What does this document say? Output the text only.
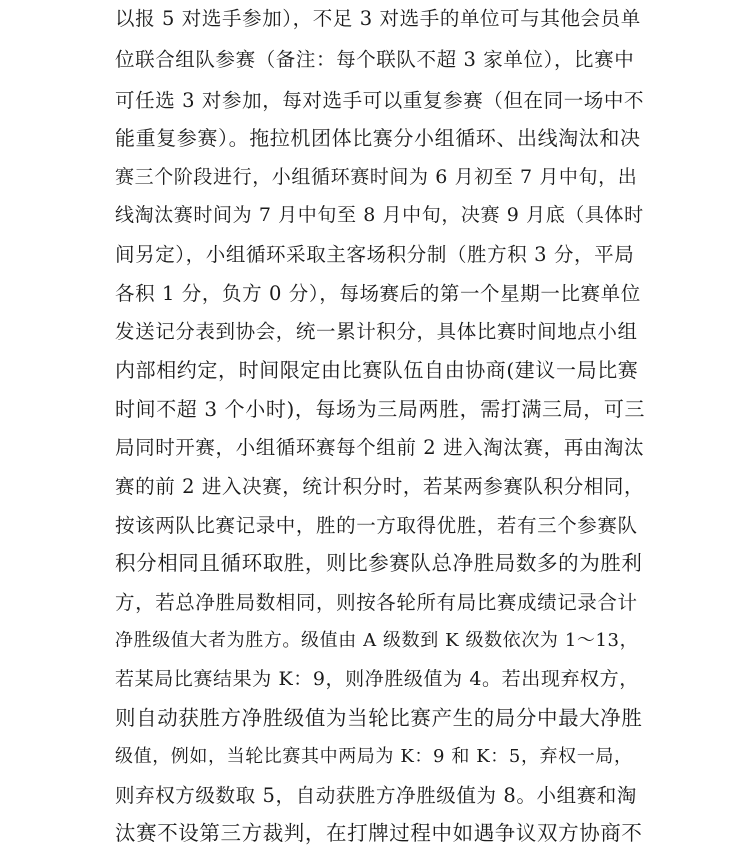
以报 5 对选手参加），不足 3 对选手的单位可与其他会员单
位联合组队参赛（备注：每个联队不超 3 家单位），比赛中
可任选 3 对参加，每对选手可以重复参赛（但在同一场中不
能重复参赛）。拖拉机团体比赛分小组循环、出线淘汰和决
赛三个阶段进行，小组循环赛时间为 6 月初至 7 月中旬，出
线淘汰赛时间为 7 月中旬至 8 月中旬，决赛 9 月底（具体时
间另定），小组循环采取主客场积分制（胜方积 3 分，平局
各积 1 分，负方 0 分），每场赛后的第一个星期一比赛单位
发送记分表到协会，统一累计积分，具体比赛时间地点小组
内部相约定，时间限定由比赛队伍自由协商(建议一局比赛
时间不超 3 个小时)，每场为三局两胜，需打满三局，可三
局同时开赛，小组循环赛每个组前 2 进入淘汰赛，再由淘汰
赛的前 2 进入决赛，统计积分时，若某两参赛队积分相同，
按该两队比赛记录中，胜的一方取得优胜，若有三个参赛队
积分相同且循环取胜，则比参赛队总净胜局数多的为胜利
方，若总净胜局数相同，则按各轮所有局比赛成绩记录合计
净胜级值大者为胜方。级值由 A 级数到 K 级数依次为 1～13，
若某局比赛结果为 K：9，则净胜级值为 4。若出现弃权方，
则自动获胜方净胜级值为当轮比赛产生的局分中最大净胜
级值，例如，当轮比赛其中两局为 K：9 和 K：5，弃权一局，
则弃权方级数取 5，自动获胜方净胜级值为 8。小组赛和淘
汰赛不设第三方裁判，在打牌过程中如遇争议双方协商不
